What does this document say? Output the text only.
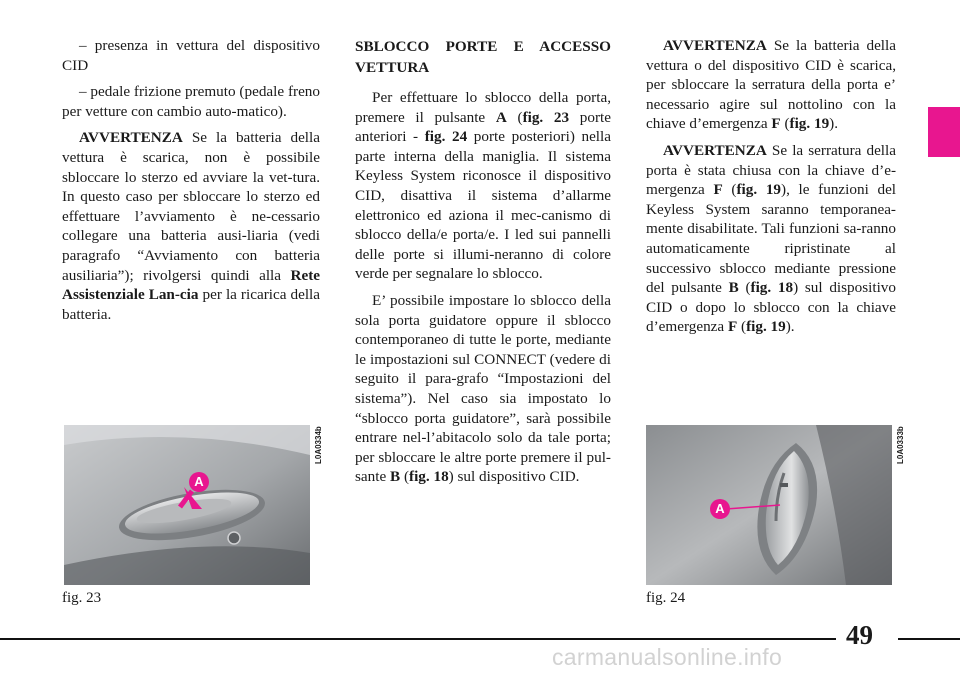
– presenza in vettura del dispositivo CID

– pedale frizione premuto (pedale freno per vetture con cambio auto-matico).

AVVERTENZA Se la batteria della vettura è scarica, non è possibile sbloccare lo sterzo ed avviare la vet-tura. In questo caso per sbloccare lo sterzo ed effettuare l’avviamento è ne-cessario collegare una batteria ausi-liaria (vedi paragrafo “Avviamento con batteria ausiliaria”); rivolgersi quindi alla Rete Assistenziale Lan-cia per la ricarica della batteria.

SBLOCCO PORTE E ACCESSO VETTURA

Per effettuare lo sblocco della porta, premere il pulsante A (fig. 23 porte anteriori - fig. 24 porte posteriori) nella parte interna della maniglia. Il sistema Keyless System riconosce il dispositivo CID, disattiva il sistema d’allarme elettronico ed aziona il mec-canismo di sblocco della/e porta/e. I led sui pannelli delle porte si illumi-neranno di colore verde per segnalare lo sblocco.

E’ possibile impostare lo sblocco della sola porta guidatore oppure il sblocco contemporaneo di tutte le porte, mediante le impostazioni sul CONNECT (vedere di seguito il para-grafo “Impostazioni del sistema”). Nel caso sia impostato lo “sblocco porta guidatore”, sarà possibile entrare nel-l’abitacolo solo da tale porta; per sbloccare le altre porte premere il pul-sante B (fig. 18) sul dispositivo CID.

AVVERTENZA Se la batteria della vettura o del dispositivo CID è scarica, per sbloccare la serratura della porta e’ necessario agire sul nottolino con la chiave d’emergenza F (fig. 19).

AVVERTENZA Se la serratura della porta è stata chiusa con la chiave d’e-mergenza F (fig. 19), le funzioni del Keyless System saranno temporanea-mente disabilitate. Tali funzioni sa-ranno automaticamente ripristinate al successivo sblocco mediante pressione del pulsante B (fig. 18) sul dispositivo CID o dopo lo sblocco con la chiave d’emergenza F (fig. 19).

A
L0A0334b
fig. 23
A
L0A0333b
fig. 24
49
carmanualsonline.info
